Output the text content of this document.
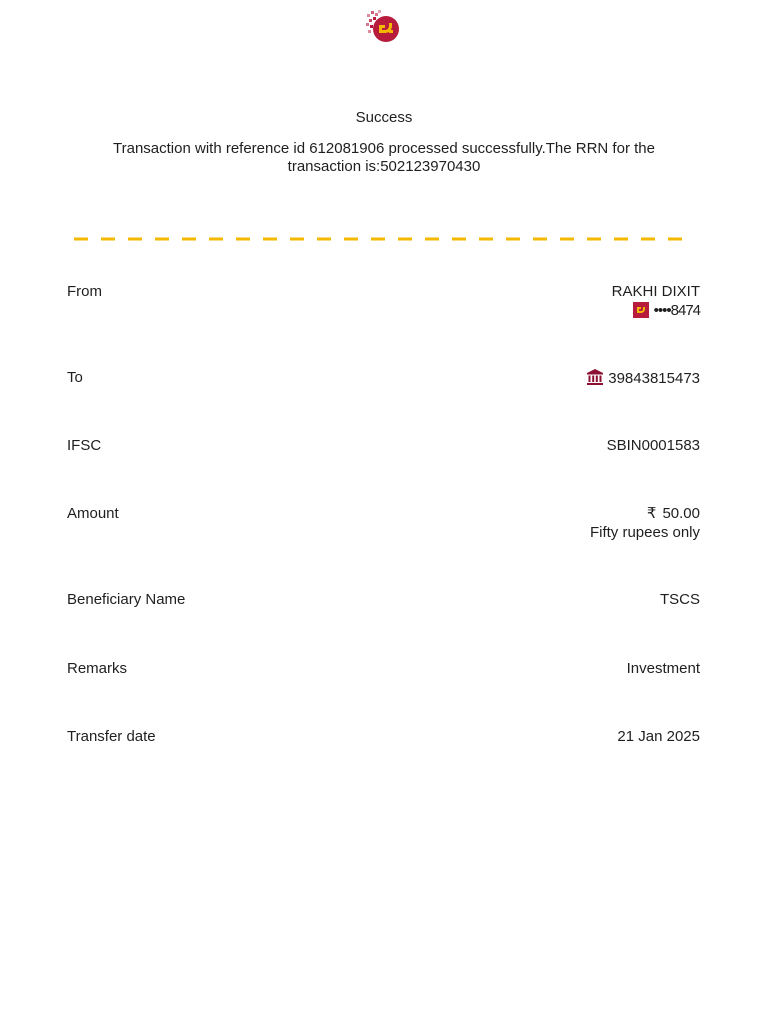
Success
Transaction with reference id 612081906 processed successfully.The RRN for the transaction is:502123970430
From	RAKHI DIXIT
••••8474
To	39843815473
IFSC	SBIN0001583
Amount	₹ 50.00
Fifty rupees only
Beneficiary Name	TSCS
Remarks	Investment
Transfer date	21 Jan 2025
